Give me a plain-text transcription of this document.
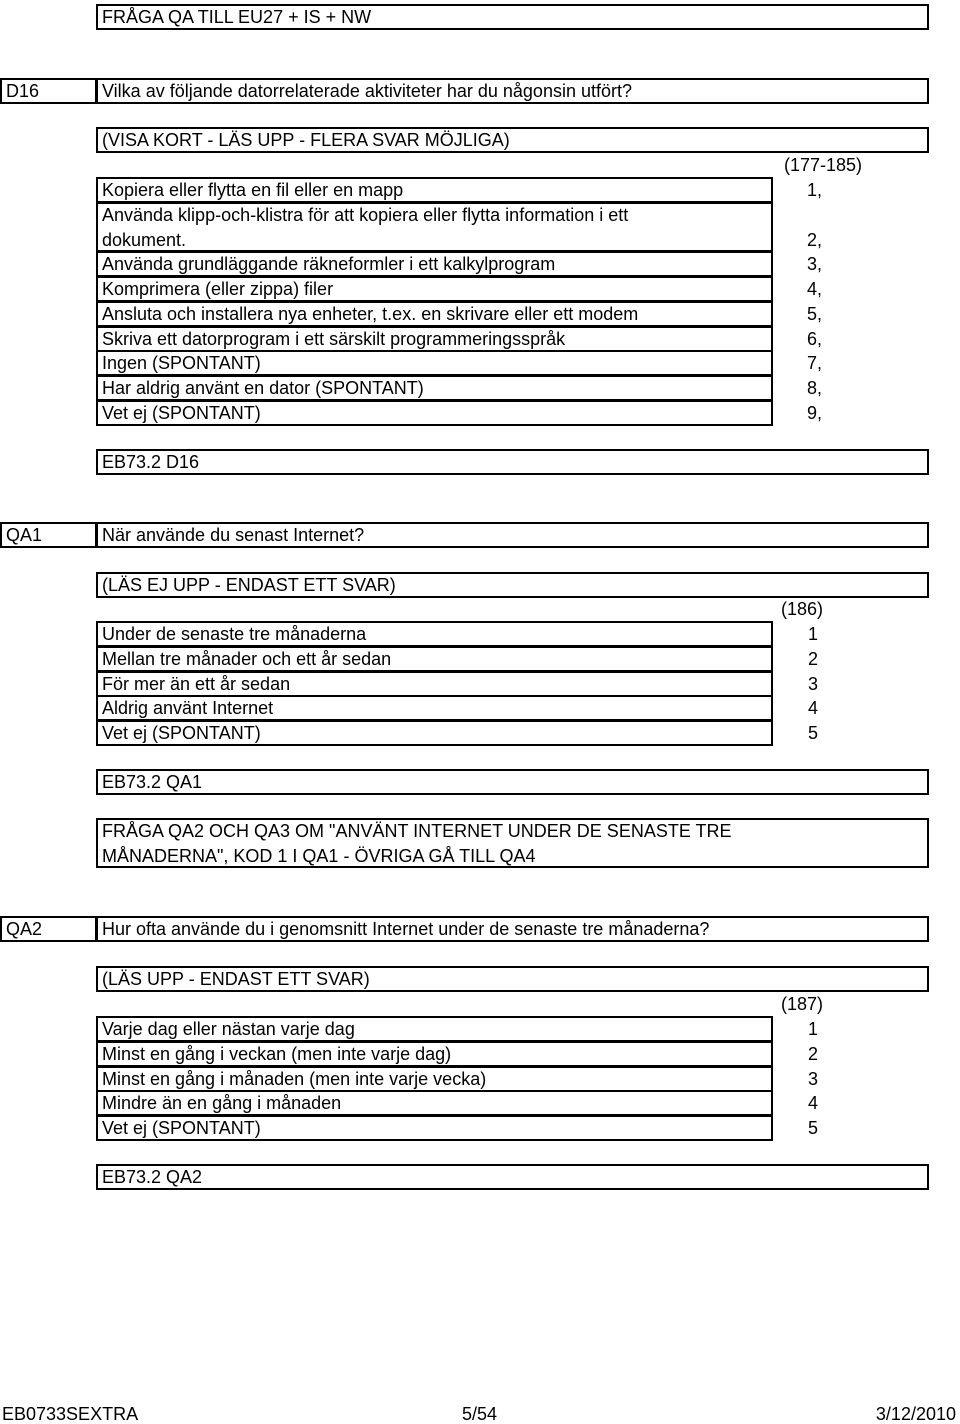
FRÅGA QA TILL EU27 + IS + NW
D16	Vilka av följande datorrelaterade aktiviteter har du någonsin utfört?
(VISA KORT - LÄS UPP - FLERA SVAR MÖJLIGA)
(177-185)
Kopiera eller flytta en fil eller en mapp	1,
Använda klipp-och-klistra för att kopiera eller flytta information i ett
dokument.	2,
Använda grundläggande räkneformler i ett kalkylprogram	3,
Komprimera (eller zippa) filer	4,
Ansluta och installera nya enheter, t.ex. en skrivare eller ett modem	5,
Skriva ett datorprogram i ett särskilt programmeringsspråk	6,
Ingen (SPONTANT)	7,
Har aldrig använt en dator (SPONTANT)	8,
Vet ej (SPONTANT)	9,
EB73.2 D16
QA1	När använde du senast Internet?
(LÄS EJ UPP - ENDAST ETT SVAR)
(186)
Under de senaste tre månaderna	1
Mellan tre månader och ett år sedan	2
För mer än ett år sedan	3
Aldrig använt Internet	4
Vet ej (SPONTANT)	5
EB73.2 QA1
FRÅGA QA2 OCH QA3 OM "ANVÄNT INTERNET UNDER DE SENASTE TRE
MÅNADERNA", KOD 1 I QA1 - ÖVRIGA GÅ TILL QA4
QA2	Hur ofta använde du i genomsnitt Internet under de senaste tre månaderna?
(LÄS UPP - ENDAST ETT SVAR)
(187)
Varje dag eller nästan varje dag	1
Minst en gång i veckan (men inte varje dag)	2
Minst en gång i månaden (men inte varje vecka)	3
Mindre än en gång i månaden	4
Vet ej (SPONTANT)	5
EB73.2 QA2
EB0733SEXTRA	5/54	3/12/2010
